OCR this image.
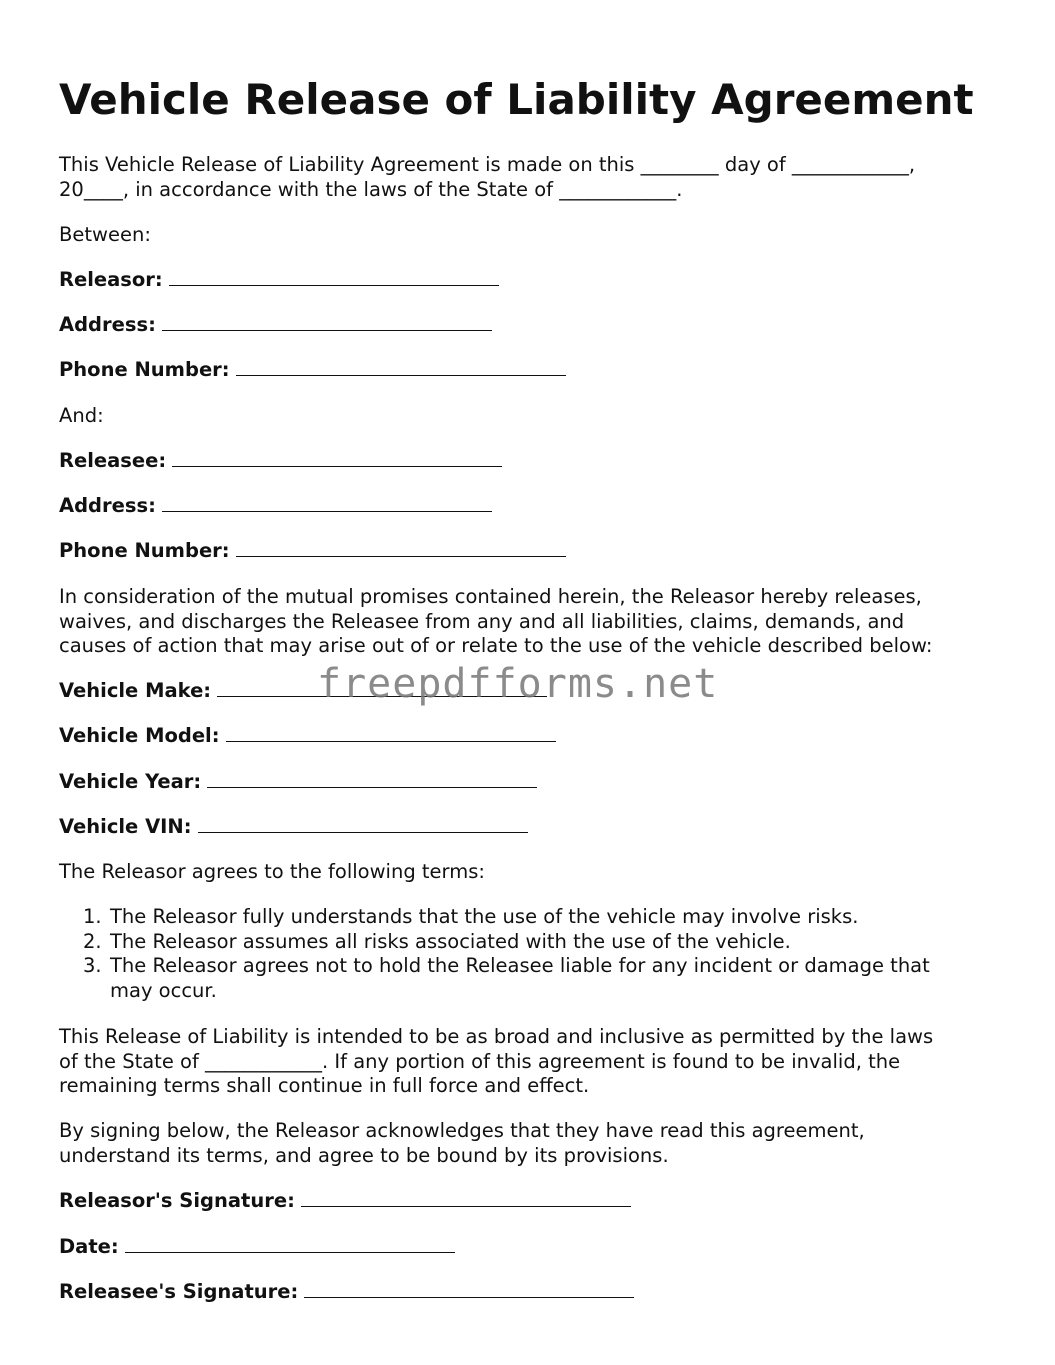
Vehicle Release of Liability Agreement
This Vehicle Release of Liability Agreement is made on this ________ day of ____________,
20____, in accordance with the laws of the State of ____________.
Between:
Releasor:
Address:
Phone Number:
And:
Releasee:
Address:
Phone Number:
In consideration of the mutual promises contained herein, the Releasor hereby releases,
waives, and discharges the Releasee from any and all liabilities, claims, demands, and
causes of action that may arise out of or relate to the use of the vehicle described below:
Vehicle Make:
Vehicle Model:
Vehicle Year:
Vehicle VIN:
The Releasor agrees to the following terms:
1. The Releasor fully understands that the use of the vehicle may involve risks.
2. The Releasor assumes all risks associated with the use of the vehicle.
3. The Releasor agrees not to hold the Releasee liable for any incident or damage that
may occur.
This Release of Liability is intended to be as broad and inclusive as permitted by the laws
of the State of ____________. If any portion of this agreement is found to be invalid, the
remaining terms shall continue in full force and effect.
By signing below, the Releasor acknowledges that they have read this agreement,
understand its terms, and agree to be bound by its provisions.
Releasor's Signature:
Date:
Releasee's Signature:
freepdfforms.net
